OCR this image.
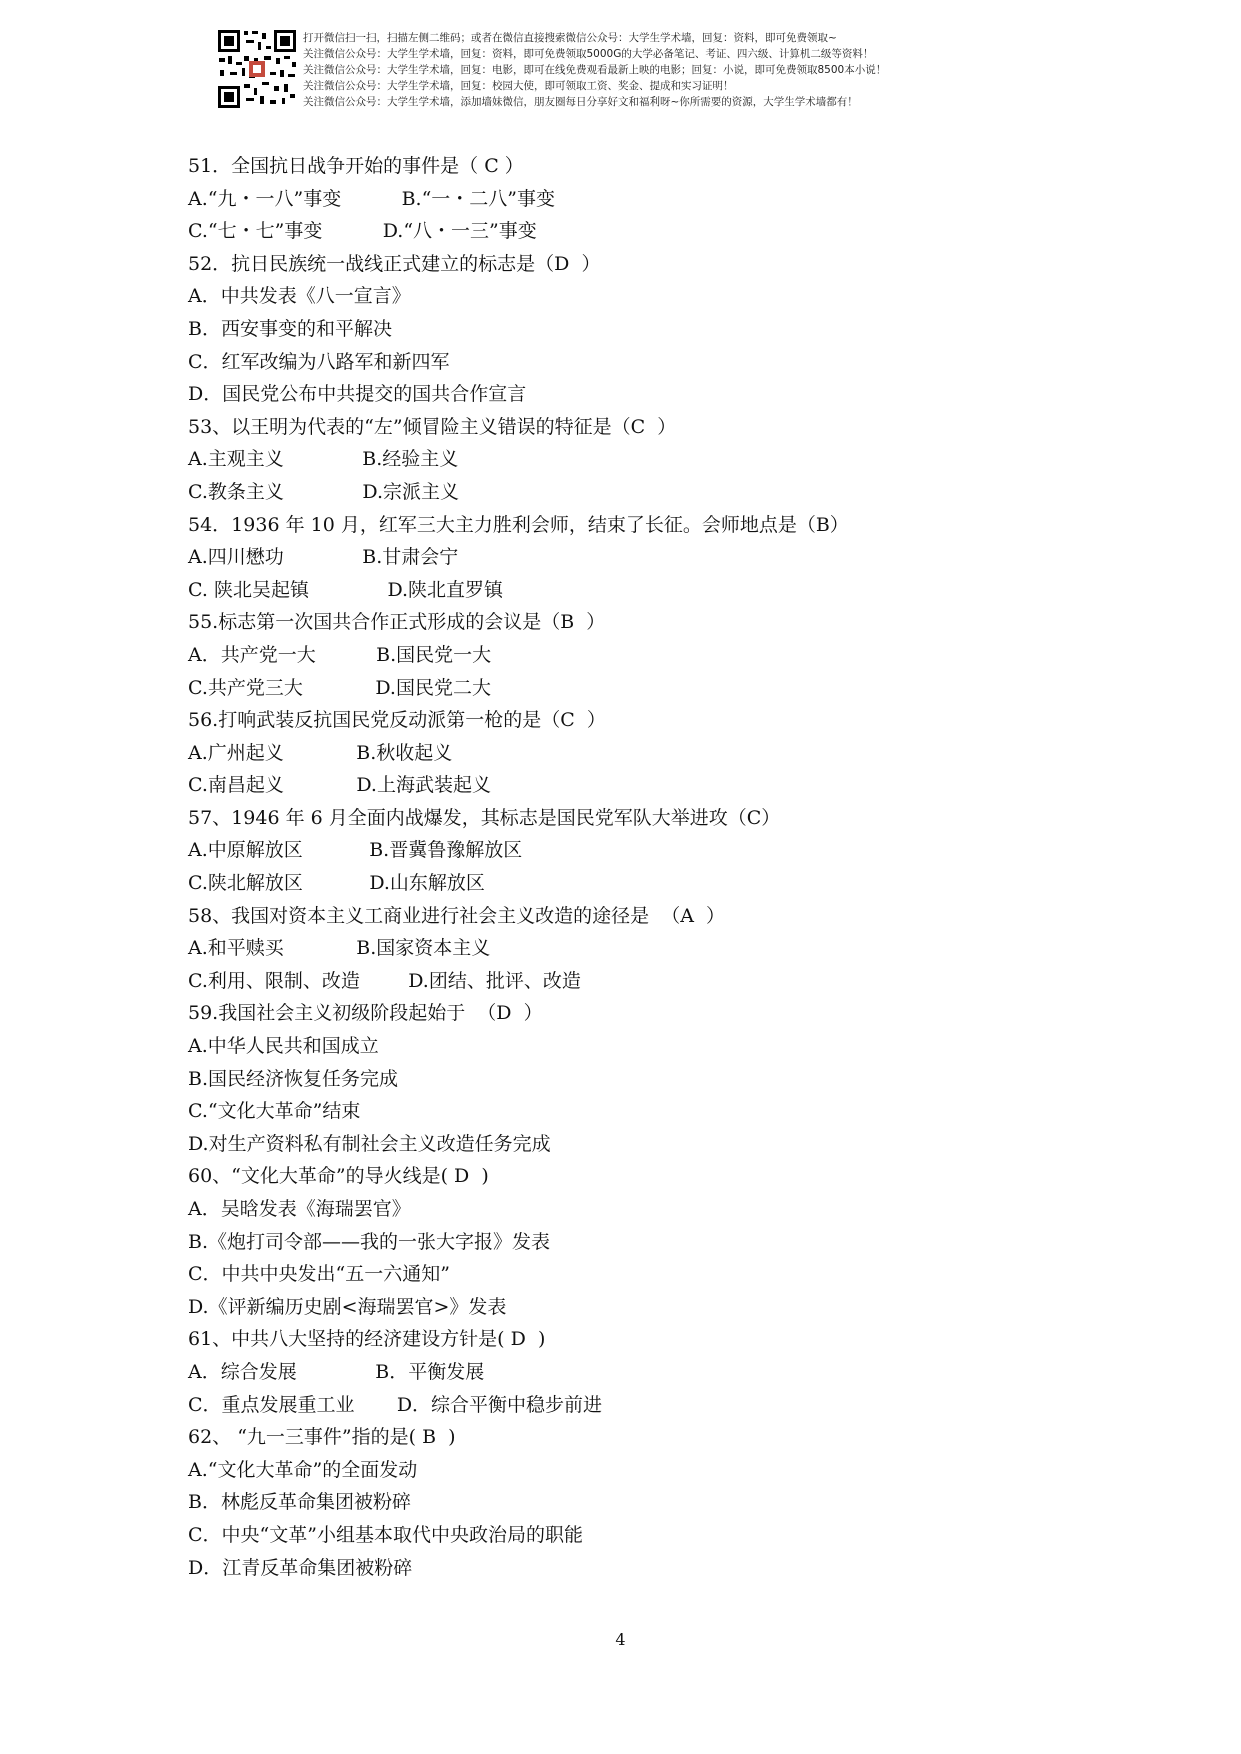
打开微信扫一扫，扫描左侧二维码；或者在微信直接搜索微信公众号：大学生学术墙，回复：资料，即可免费领取~
关注微信公众号：大学生学术墙，回复：资料，即可免费领取5000G的大学必备笔记、考证、四六级、计算机二级等资料！
关注微信公众号：大学生学术墙，回复：电影，即可在线免费观看最新上映的电影；回复：小说，即可免费领取8500本小说！
关注微信公众号：大学生学术墙，回复：校园大使，即可领取工资、奖金、提成和实习证明！
关注微信公众号：大学生学术墙，添加墙妹微信，朋友圈每日分享好文和福利呀~你所需要的资源，大学生学术墙都有！
51．全国抗日战争开始的事件是（ C ）
A.“九・一八”事变          B.“一・二八”事变
C.“七・七”事变          D.“八・一三”事变
52．抗日民族统一战线正式建立的标志是（D  ）
A．中共发表《八一宣言》
B．西安事变的和平解决
C．红军改编为八路军和新四军
D．国民党公布中共提交的国共合作宣言
53、以王明为代表的“左”倾冒险主义错误的特征是（C  ）
A.主观主义             B.经验主义
C.教条主义             D.宗派主义
54．1936 年 10 月，红军三大主力胜利会师，结束了长征。会师地点是（B）
A.四川懋功             B.甘肃会宁
C. 陕北吴起镇             D.陕北直罗镇
55.标志第一次国共合作正式形成的会议是（B  ）
A．共产党一大          B.国民党一大
C.共产党三大            D.国民党二大
56.打响武装反抗国民党反动派第一枪的是（C  ）
A.广州起义            B.秋收起义
C.南昌起义            D.上海武装起义
57、1946 年 6 月全面内战爆发，其标志是国民党军队大举进攻（C）
A.中原解放区           B.晋冀鲁豫解放区
C.陕北解放区           D.山东解放区
58、我国对资本主义工商业进行社会主义改造的途径是  （A  ）
A.和平赎买            B.国家资本主义
C.利用、限制、改造        D.团结、批评、改造
59.我国社会主义初级阶段起始于  （D  ）
A.中华人民共和国成立
B.国民经济恢复任务完成
C.“文化大革命”结束
D.对生产资料私有制社会主义改造任务完成
60、“文化大革命”的导火线是( D  )
A．吴晗发表《海瑞罢官》
B.《炮打司令部——我的一张大字报》发表
C．中共中央发出“五一六通知”
D.《评新编历史剧<海瑞罢官>》发表
61、中共八大坚持的经济建设方针是( D  )
A．综合发展             B．平衡发展
C．重点发展重工业       D．综合平衡中稳步前进
62、 “九一三事件”指的是( B  )
A.“文化大革命”的全面发动
B．林彪反革命集团被粉碎
C．中央“文革”小组基本取代中央政治局的职能
D．江青反革命集团被粉碎
4
